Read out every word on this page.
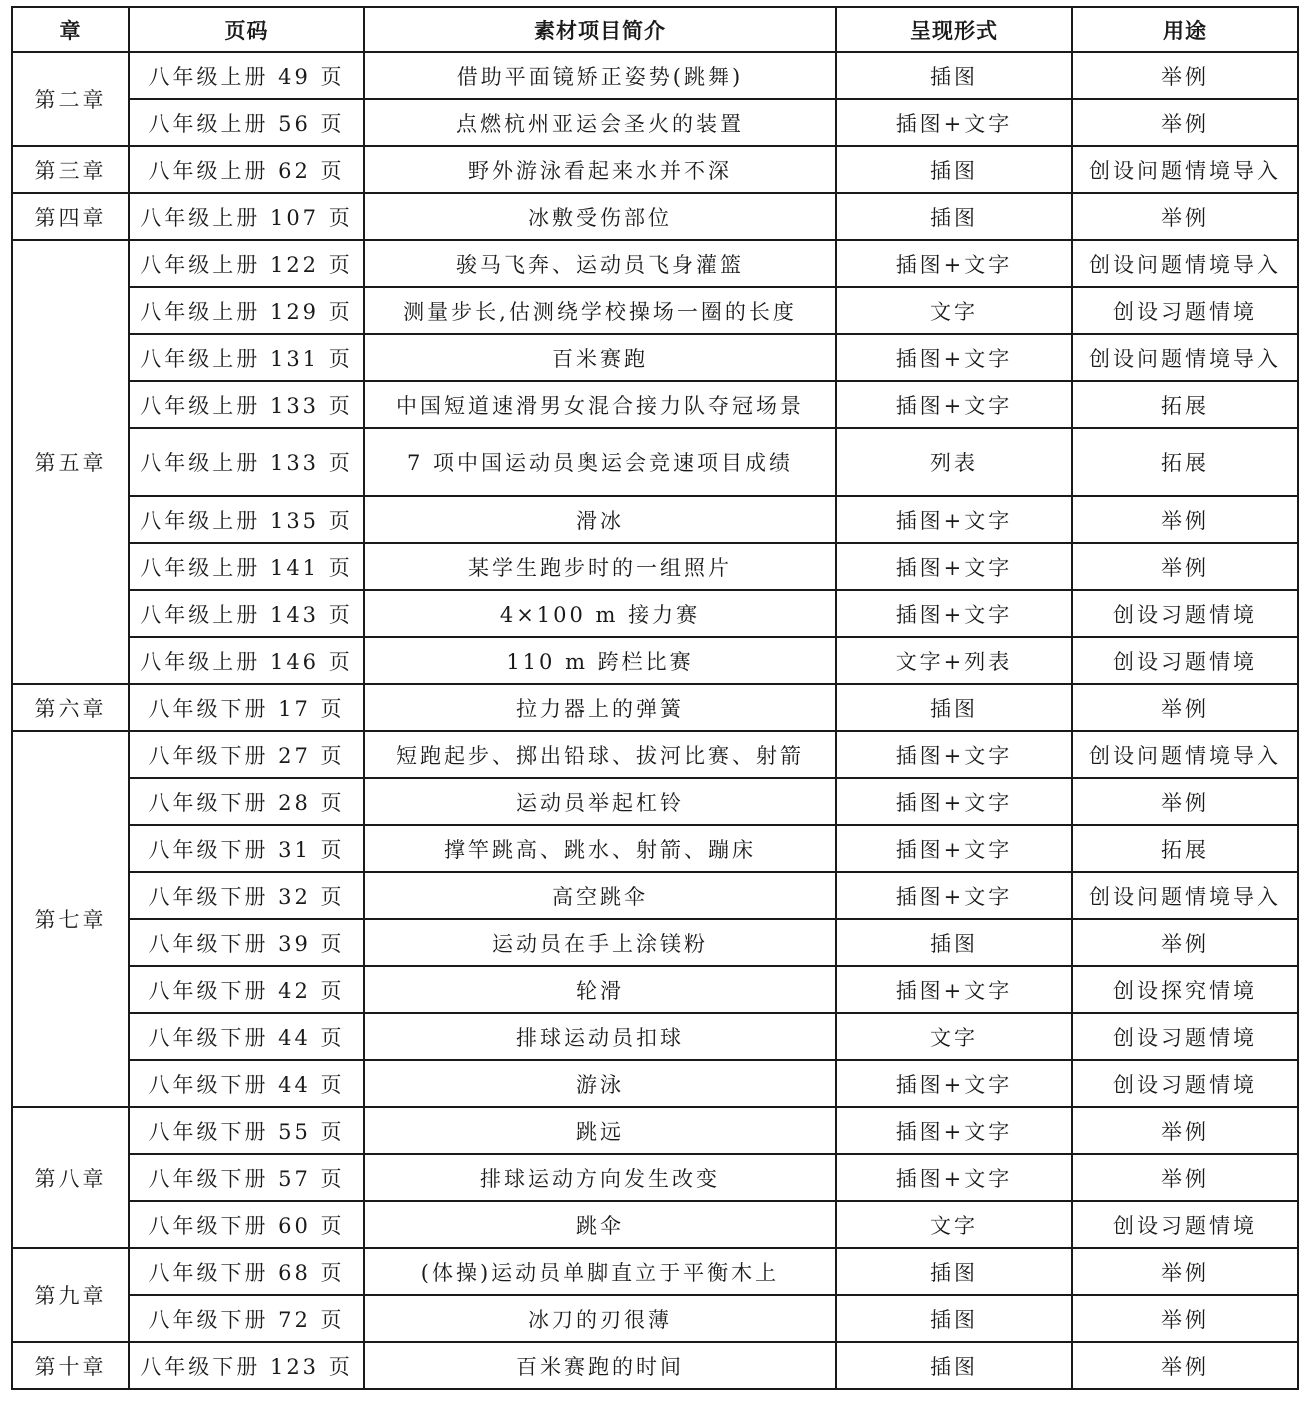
章	页码	素材项目简介	呈现形式	用途
第二章	八年级上册 49 页	借助平面镜矫正姿势(跳舞)	插图	举例
	八年级上册 56 页	点燃杭州亚运会圣火的装置	插图+文字	举例
第三章	八年级上册 62 页	野外游泳看起来水并不深	插图	创设问题情境导入
第四章	八年级上册 107 页	冰敷受伤部位	插图	举例
第五章	八年级上册 122 页	骏马飞奔、运动员飞身灌篮	插图+文字	创设问题情境导入
	八年级上册 129 页	测量步长,估测绕学校操场一圈的长度	文字	创设习题情境
	八年级上册 131 页	百米赛跑	插图+文字	创设问题情境导入
	八年级上册 133 页	中国短道速滑男女混合接力队夺冠场景	插图+文字	拓展
	八年级上册 133 页	7 项中国运动员奥运会竞速项目成绩	列表	拓展
	八年级上册 135 页	滑冰	插图+文字	举例
	八年级上册 141 页	某学生跑步时的一组照片	插图+文字	举例
	八年级上册 143 页	4×100 m 接力赛	插图+文字	创设习题情境
	八年级上册 146 页	110 m 跨栏比赛	文字+列表	创设习题情境
第六章	八年级下册 17 页	拉力器上的弹簧	插图	举例
第七章	八年级下册 27 页	短跑起步、掷出铅球、拔河比赛、射箭	插图+文字	创设问题情境导入
	八年级下册 28 页	运动员举起杠铃	插图+文字	举例
	八年级下册 31 页	撑竿跳高、跳水、射箭、蹦床	插图+文字	拓展
	八年级下册 32 页	高空跳伞	插图+文字	创设问题情境导入
	八年级下册 39 页	运动员在手上涂镁粉	插图	举例
	八年级下册 42 页	轮滑	插图+文字	创设探究情境
	八年级下册 44 页	排球运动员扣球	文字	创设习题情境
	八年级下册 44 页	游泳	插图+文字	创设习题情境
第八章	八年级下册 55 页	跳远	插图+文字	举例
	八年级下册 57 页	排球运动方向发生改变	插图+文字	举例
	八年级下册 60 页	跳伞	文字	创设习题情境
第九章	八年级下册 68 页	(体操)运动员单脚直立于平衡木上	插图	举例
	八年级下册 72 页	冰刀的刃很薄	插图	举例
第十章	八年级下册 123 页	百米赛跑的时间	插图	举例
